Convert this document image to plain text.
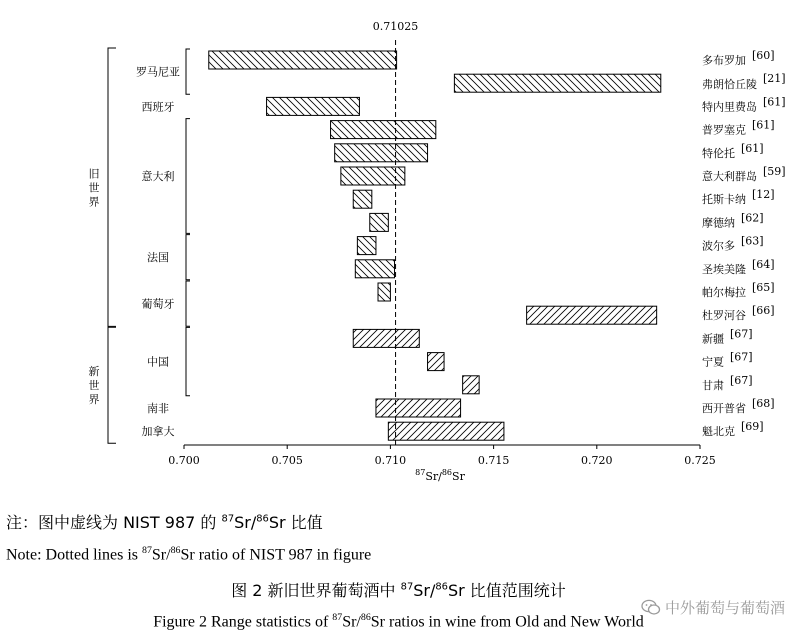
多布罗加 [60]
弗朗恰丘陵 [21]
特内里费岛 [61]
普罗塞克 [61]
特伦托 [61]
意大利群岛 [59]
托斯卡纳 [12]
摩德纳 [62]
波尔多 [63]
圣埃美隆 [64]
帕尔梅拉 [65]
杜罗河谷 [66]
新疆 [67]
宁夏 [67]
甘肃 [67]
西开普省 [68]
魁北克 [69]
0.71025
0.700	0.705	0.710	0.715	0.720	0.725
$^{87}$Sr/$^{86}$Sr
罗马尼亚
西班牙
意大利
法国
葡萄牙
中国
南非
加拿大
旧世界
新世界
注：图中虚线为 NIST 987 的 $^{87}$Sr/$^{86}$Sr 比值
Note: Dotted lines is $^{87}$Sr/$^{86}$Sr ratio of NIST 987 in figure
图 2 新旧世界葡萄酒中 $^{87}$Sr/$^{86}$Sr 比值范围统计
Figure 2 Range statistics of $^{87}$Sr/$^{86}$Sr ratios in wine from Old and New World
中外葡萄与葡萄酒
